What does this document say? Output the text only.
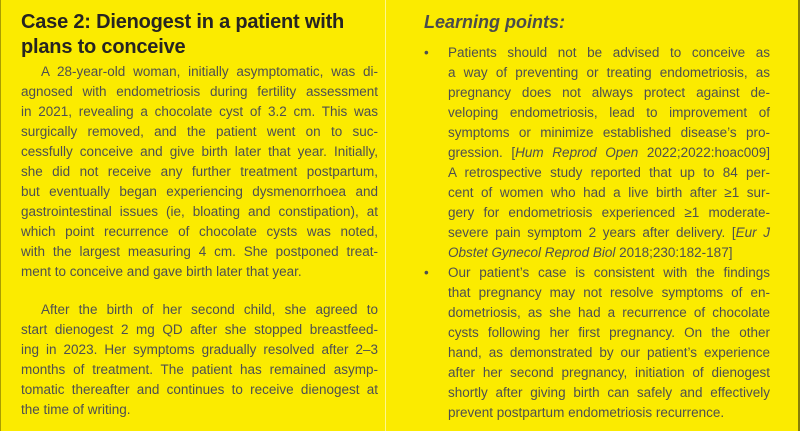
Case 2: Dienogest in a patient with
plans to conceive
A 28-year-old woman, initially asymptomatic, was di-
agnosed with endometriosis during fertility assessment
in 2021, revealing a chocolate cyst of 3.2 cm. This was
surgically removed, and the patient went on to suc-
cessfully conceive and give birth later that year. Initially,
she did not receive any further treatment postpartum,
but eventually began experiencing dysmenorrhoea and
gastrointestinal issues (ie, bloating and constipation), at
which point recurrence of chocolate cysts was noted,
with the largest measuring 4 cm. She postponed treat-
ment to conceive and gave birth later that year.
After the birth of her second child, she agreed to
start dienogest 2 mg QD after she stopped breastfeed-
ing in 2023. Her symptoms gradually resolved after 2–3
months of treatment. The patient has remained asymp-
tomatic thereafter and continues to receive dienogest at
the time of writing.
Learning points:
•	Patients should not be advised to conceive as
a way of preventing or treating endometriosis, as
pregnancy does not always protect against de-
veloping endometriosis, lead to improvement of
symptoms or minimize established disease’s pro-
gression. [Hum Reprod Open 2022;2022:hoac009]
A retrospective study reported that up to 84 per-
cent of women who had a live birth after ≥1 sur-
gery for endometriosis experienced ≥1 moderate-
severe pain symptom 2 years after delivery. [Eur J
Obstet Gynecol Reprod Biol 2018;230:182-187]
•	Our patient’s case is consistent with the findings
that pregnancy may not resolve symptoms of en-
dometriosis, as she had a recurrence of chocolate
cysts following her first pregnancy. On the other
hand, as demonstrated by our patient’s experience
after her second pregnancy, initiation of dienogest
shortly after giving birth can safely and effectively
prevent postpartum endometriosis recurrence.
